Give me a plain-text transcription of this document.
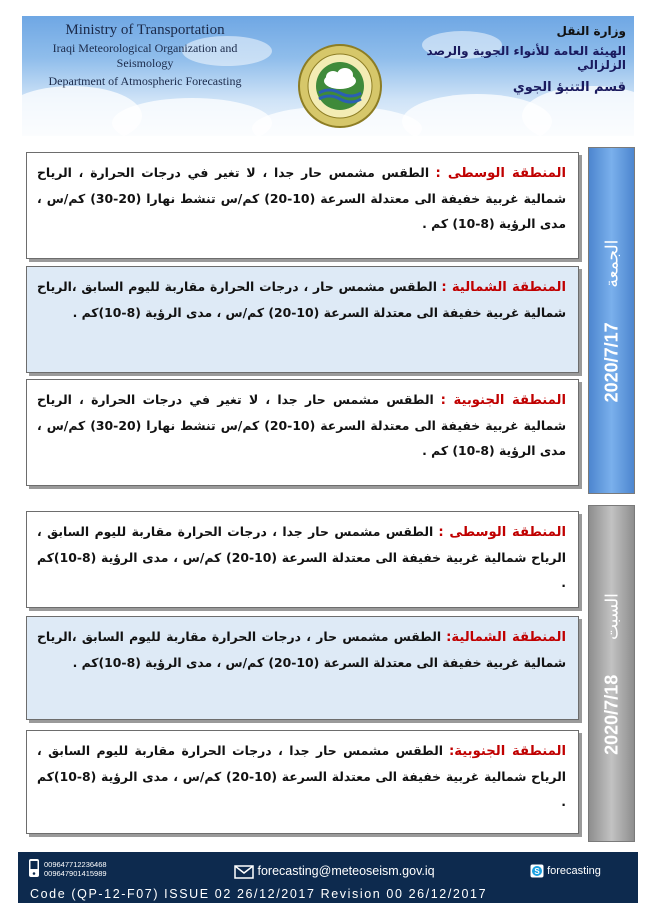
Ministry of Transportation
Iraqi Meteorological Organization and Seismology
Department of Atmospheric Forecasting
وزارة النقل
الهيئة العامة للأنواء الجوية والرصد الزلزالي
قسم التنبؤ الجوي
2020/7/17 الجمعة
المنطقة الوسطى : الطقس مشمس حار جدا ، لا تغير في درجات الحرارة ، الرياح شمالية غربية خفيفة الى معتدلة السرعة (10-20) كم/س تنشط نهارا (20-30) كم/س ، مدى الرؤية (8-10) كم .
المنطقة الشمالية : الطقس مشمس حار ، درجات الحرارة مقاربة لليوم السابق ،الرياح شمالية غربية خفيفة الى معتدلة السرعة (10-20) كم/س ، مدى الرؤية (8-10)كم .
المنطقة الجنوبية : الطقس مشمس حار جدا ، لا تغير في درجات الحرارة ، الرياح شمالية غربية خفيفة الى معتدلة السرعة (10-20) كم/س تنشط نهارا (20-30) كم/س ، مدى الرؤية (8-10) كم .
2020/7/18 السبت
المنطقة الوسطى : الطقس مشمس حار جدا ، درجات الحرارة مقاربة لليوم السابق ، الرياح شمالية غربية خفيفة الى معتدلة السرعة (10-20) كم/س ، مدى الرؤية (8-10)كم .
المنطقة الشمالية: الطقس مشمس حار ، درجات الحرارة مقاربة لليوم السابق ،الرياح شمالية غربية خفيفة الى معتدلة السرعة (10-20) كم/س ، مدى الرؤية (8-10)كم .
المنطقة الجنوبية: الطقس مشمس حار جدا ، درجات الحرارة مقاربة لليوم السابق ، الرياح شمالية غربية خفيفة الى معتدلة السرعة (10-20) كم/س ، مدى الرؤية (8-10)كم .
009647712236468
009647901415989	forecasting@meteoseism.gov.iq	S forecasting
Code (QP-12-F07) ISSUE 02 26/12/2017 Revision 00 26/12/2017
